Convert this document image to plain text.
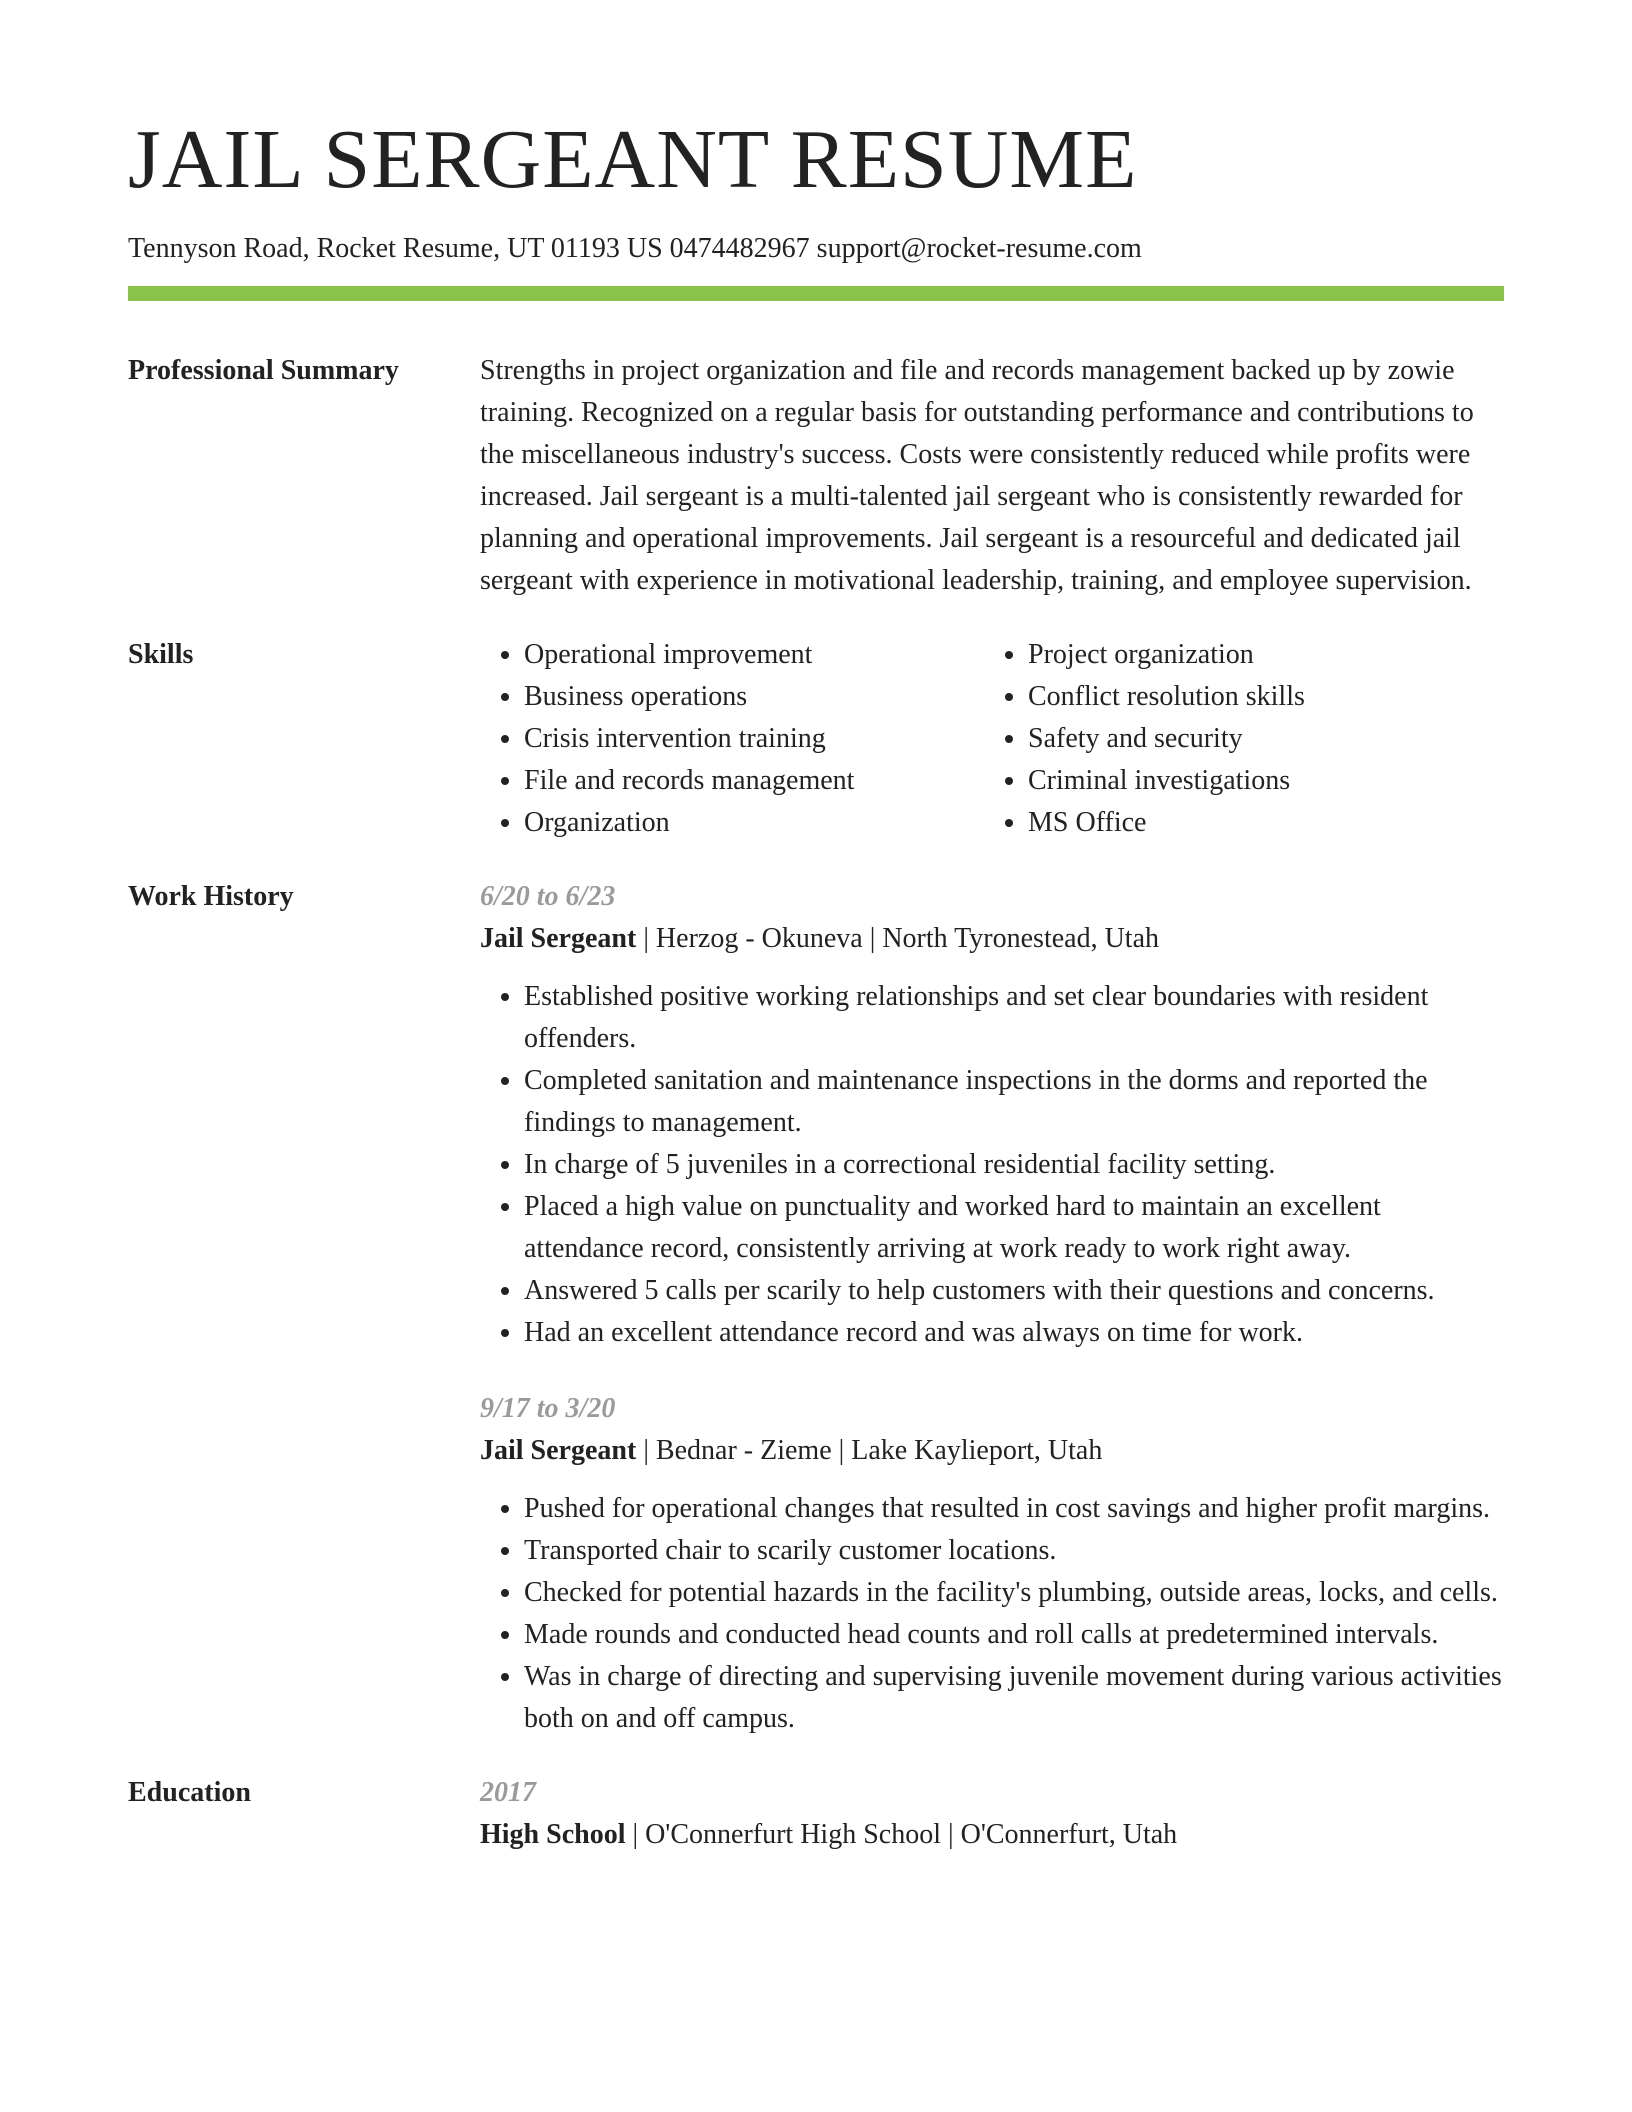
JAIL SERGEANT RESUME
Tennyson Road, Rocket Resume, UT 01193 US 0474482967 support@rocket-resume.com
Professional Summary	Strengths in project organization and file and records management backed up by zowie training. Recognized on a regular basis for outstanding performance and contributions to the miscellaneous industry's success. Costs were consistently reduced while profits were increased. Jail sergeant is a multi-talented jail sergeant who is consistently rewarded for planning and operational improvements. Jail sergeant is a resourceful and dedicated jail sergeant with experience in motivational leadership, training, and employee supervision.

Skills
•	Operational improvement
• Business operations
• Crisis intervention training
• File and records management
• Organization
• Project organization
• Conflict resolution skills
• Safety and security
• Criminal investigations
• MS Office
Work History	6/20 to 6/23
Jail Sergeant | Herzog - Okuneva | North Tyronestead, Utah
• Established positive working relationships and set clear boundaries with resident offenders.
• Completed sanitation and maintenance inspections in the dorms and reported the findings to management.
• In charge of 5 juveniles in a correctional residential facility setting.
• Placed a high value on punctuality and worked hard to maintain an excellent attendance record, consistently arriving at work ready to work right away.
• Answered 5 calls per scarily to help customers with their questions and concerns.
• Had an excellent attendance record and was always on time for work.
9/17 to 3/20
Jail Sergeant | Bednar - Zieme | Lake Kaylieport, Utah
• Pushed for operational changes that resulted in cost savings and higher profit margins.
• Transported chair to scarily customer locations.
• Checked for potential hazards in the facility's plumbing, outside areas, locks, and cells.
• Made rounds and conducted head counts and roll calls at predetermined intervals.
• Was in charge of directing and supervising juvenile movement during various activities both on and off campus.
Education	2017
High School | O'Connerfurt High School | O'Connerfurt, Utah
